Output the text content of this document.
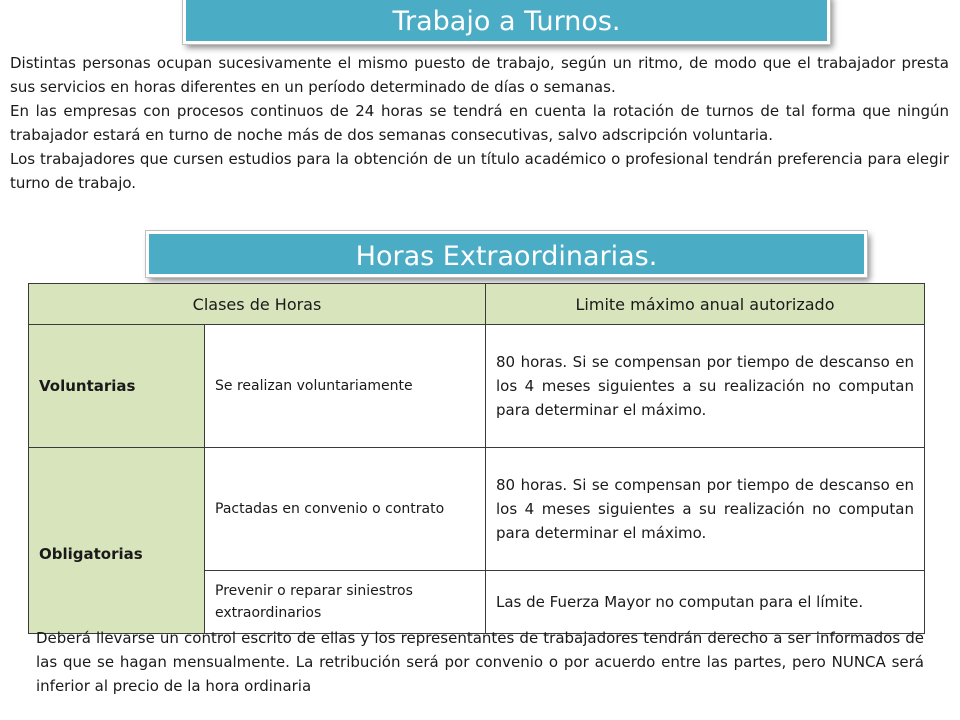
Trabajo a Turnos.

Distintas personas ocupan sucesivamente el mismo puesto de trabajo, según un ritmo, de modo que el trabajador presta sus servicios en horas diferentes en un período determinado de días o semanas.

En las empresas con procesos continuos de 24 horas se tendrá en cuenta la rotación de turnos de tal forma que ningún trabajador estará en turno de noche más de dos semanas consecutivas, salvo adscripción voluntaria.

Los trabajadores que cursen estudios para la obtención de un título académico o profesional tendrán preferencia para elegir turno de trabajo.

Horas Extraordinarias.
Clases de Horas		Limite máximo anual autorizado
Voluntarias	Se realizan voluntariamente	80 horas. Si se compensan por tiempo de descanso en los 4 meses siguientes a su realización no computan para determinar el máximo.
Obligatorias	Pactadas en convenio o contrato	80 horas. Si se compensan por tiempo de descanso en los 4 meses siguientes a su realización no computan para determinar el máximo.
	Prevenir o reparar siniestros extraordinarios	Las de Fuerza Mayor no computan para el límite.

Deberá llevarse un control escrito de ellas y los representantes de trabajadores tendrán derecho a ser informados de las que se hagan mensualmente. La retribución será por convenio o por acuerdo entre las partes, pero NUNCA será inferior al precio de la hora ordinaria
